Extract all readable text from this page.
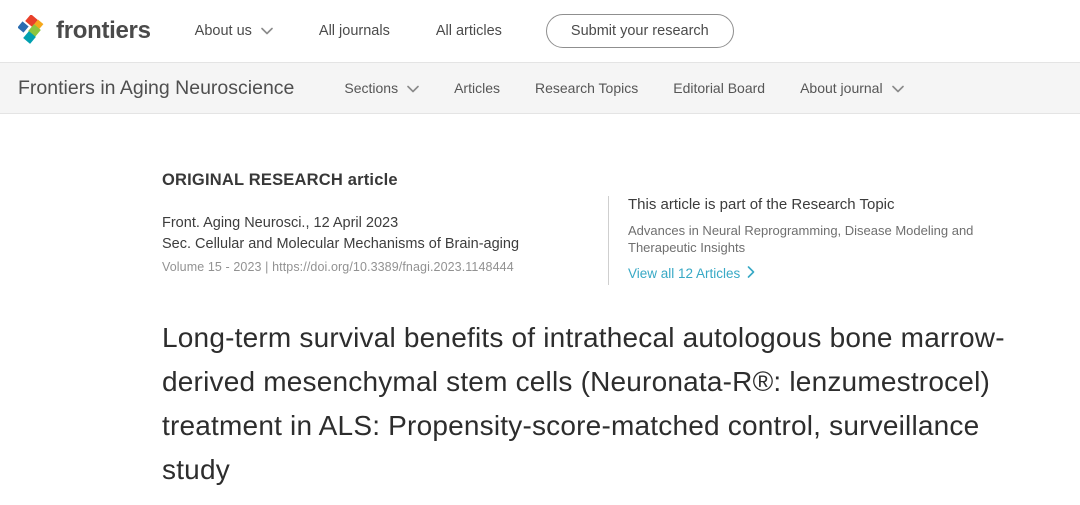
frontiers	About us	All journals	All articles	Submit your research
Frontiers in Aging Neuroscience	Sections	Articles	Research Topics	Editorial Board	About journal
ORIGINAL RESEARCH article
Front. Aging Neurosci., 12 April 2023
Sec. Cellular and Molecular Mechanisms of Brain-aging
Volume 15 - 2023 | https://doi.org/10.3389/fnagi.2023.1148444
This article is part of the Research Topic
Advances in Neural Reprogramming, Disease Modeling and Therapeutic Insights
View all 12 Articles
Long-term survival benefits of intrathecal autologous bone marrow-derived mesenchymal stem cells (Neuronata-R®: lenzumestrocel) treatment in ALS: Propensity-score-matched control, surveillance study
